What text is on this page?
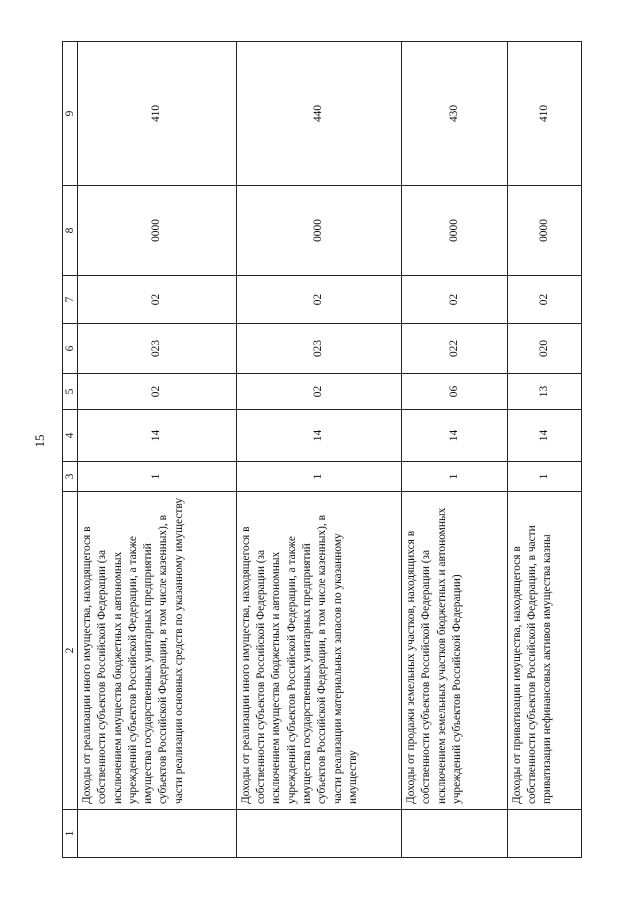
15
1	2	3	4	5	6	7	8	9
	Доходы от реализации иного имущества, находящегося в собственности субъектов Российской Федерации (за исключением имущества бюджетных и автономных учреждений субъектов Российской Федерации, а также имущества государственных унитарных предприятий субъектов Российской Федерации, в том числе казенных), в части реализации основных средств по указанному имуществу	1	14	02	023	02	0000	410
	Доходы от реализации иного имущества, находящегося в собственности субъектов Российской Федерации (за исключением имущества бюджетных и автономных учреждений субъектов Российской Федерации, а также имущества государственных унитарных предприятий субъектов Российской Федерации, в том числе казенных), в части реализации материальных запасов по указанному имуществу	1	14	02	023	02	0000	440
	Доходы от продажи земельных участков, находящихся в собственности субъектов Российской Федерации (за исключением земельных участков бюджетных и автономных учреждений субъектов Российской Федерации)	1	14	06	022	02	0000	430
	Доходы от приватизации имущества, находящегося в собственности субъектов Российской Федерации, в части приватизации нефинансовых активов имущества казны	1	14	13	020	02	0000	410
